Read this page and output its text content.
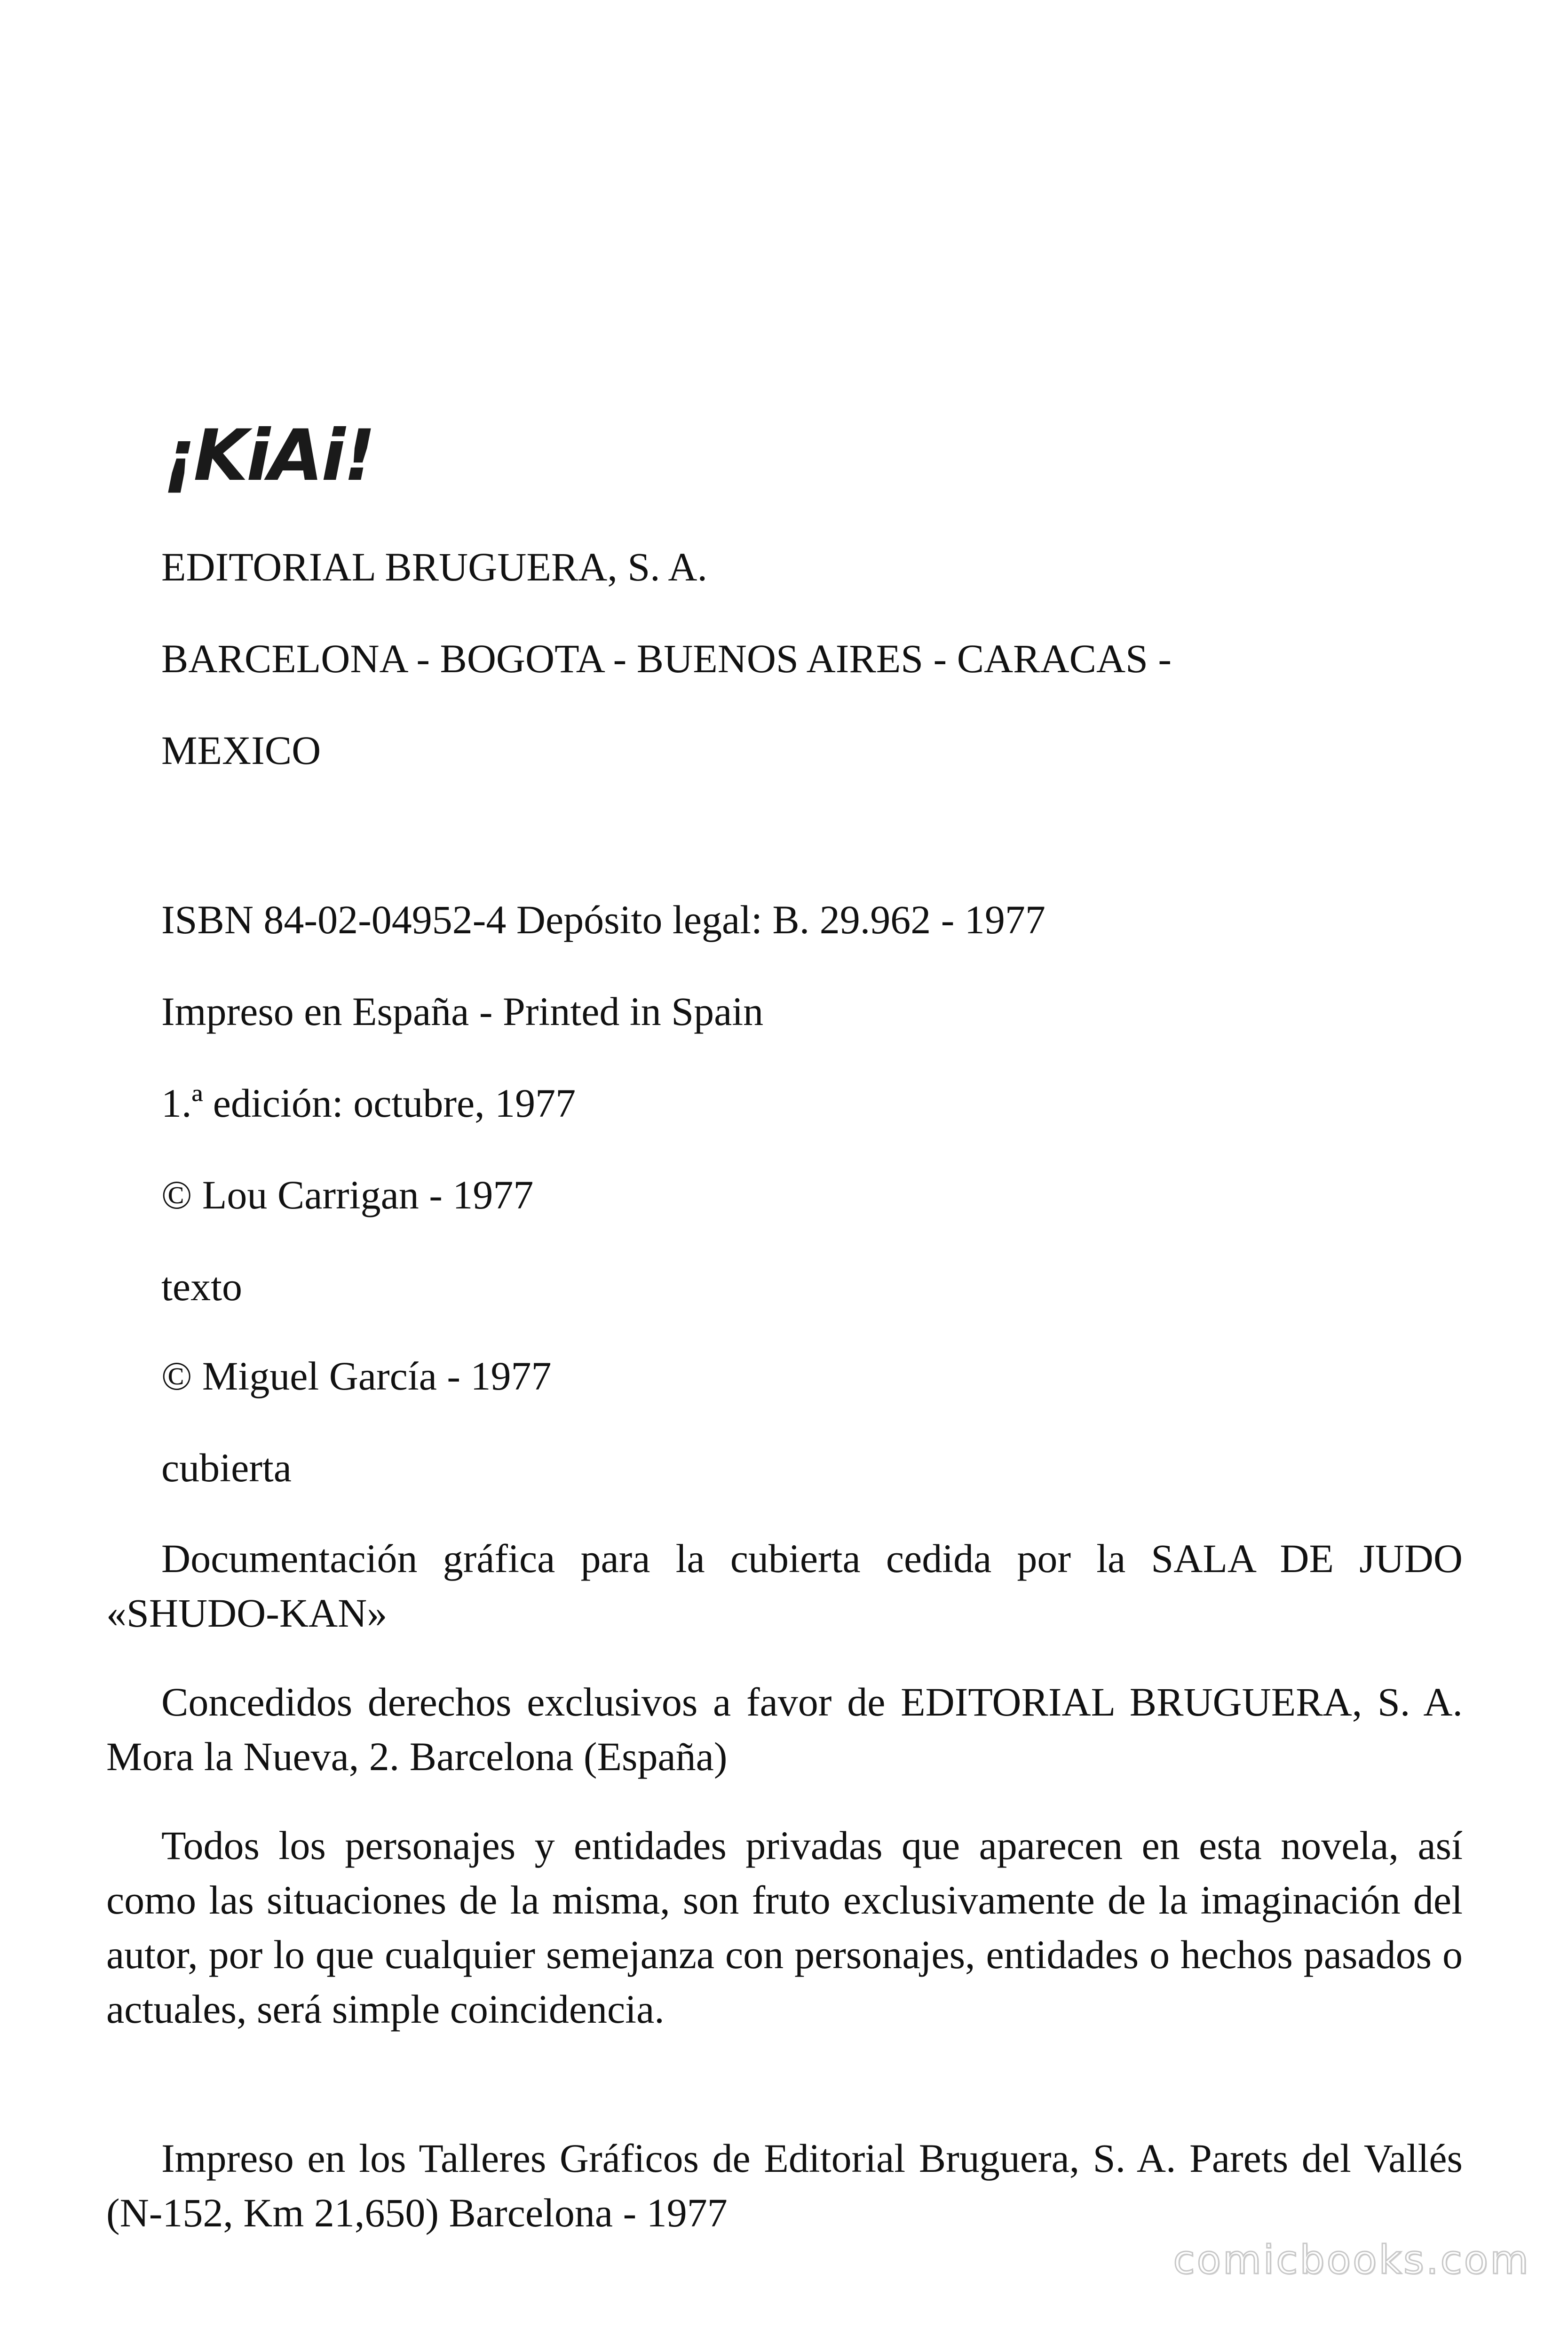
¡KiAi!
EDITORIAL BRUGUERA, S. A.
BARCELONA - BOGOTA - BUENOS AIRES - CARACAS -
MEXICO
ISBN 84-02-04952-4 Depósito legal: B. 29.962 - 1977
Impreso en España - Printed in Spain
1.ª edición: octubre, 1977
© Lou Carrigan - 1977
texto
© Miguel García - 1977
cubierta
Documentación gráfica para la cubierta cedida por la SALA DE JUDO «SHUDO-KAN»
Concedidos derechos exclusivos a favor de EDITORIAL BRUGUERA, S. A. Mora la Nueva, 2. Barcelona (España)
Todos los personajes y entidades privadas que aparecen en esta novela, así como las situaciones de la misma, son fruto exclusivamente de la imaginación del autor, por lo que cualquier semejanza con personajes, entidades o hechos pasados o actuales, será simple coincidencia.
Impreso en los Talleres Gráficos de Editorial Bruguera, S. A. Parets del Vallés (N-152, Km 21,650) Barcelona - 1977
comicbooks.com
